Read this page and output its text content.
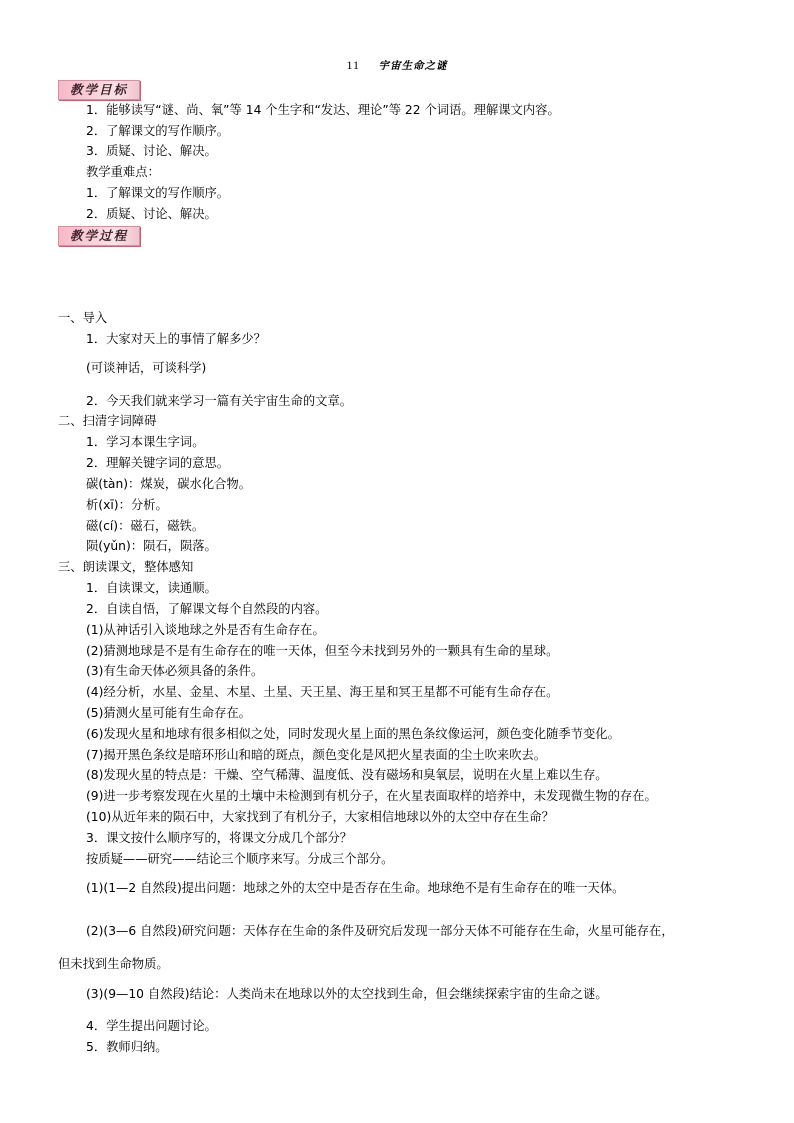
11 宇宙生命之谜
教学目标
1．能够读写“谜、尚、氧”等 14 个生字和“发达、理论”等 22 个词语。理解课文内容。
2．了解课文的写作顺序。
3．质疑、讨论、解决。
教学重难点：
1．了解课文的写作顺序。
2．质疑、讨论、解决。
教学过程
一、导入
1．大家对天上的事情了解多少？
(可谈神话，可谈科学)
2．今天我们就来学习一篇有关宇宙生命的文章。
二、扫清字词障碍
1．学习本课生字词。
2．理解关键字词的意思。
碳(tàn)：煤炭，碳水化合物。
析(xī)：分析。
磁(cí)：磁石，磁铁。
陨(yǔn)：陨石，陨落。
三、朗读课文，整体感知
1．自读课文，读通顺。
2．自读自悟，了解课文每个自然段的内容。
(1)从神话引入谈地球之外是否有生命存在。
(2)猜测地球是不是有生命存在的唯一天体，但至今未找到另外的一颗具有生命的星球。
(3)有生命天体必须具备的条件。
(4)经分析，水星、金星、木星、土星、天王星、海王星和冥王星都不可能有生命存在。
(5)猜测火星可能有生命存在。
(6)发现火星和地球有很多相似之处，同时发现火星上面的黑色条纹像运河，颜色变化随季节变化。
(7)揭开黑色条纹是暗环形山和暗的斑点，颜色变化是风把火星表面的尘土吹来吹去。
(8)发现火星的特点是：干燥、空气稀薄、温度低、没有磁场和臭氧层，说明在火星上难以生存。
(9)进一步考察发现在火星的土壤中未检测到有机分子，在火星表面取样的培养中，未发现微生物的存在。
(10)从近年来的陨石中，大家找到了有机分子，大家相信地球以外的太空中存在生命？
3．课文按什么顺序写的，将课文分成几个部分？
按质疑——研究——结论三个顺序来写。分成三个部分。
(1)(1—2 自然段)提出问题：地球之外的太空中是否存在生命。地球绝不是有生命存在的唯一天体。
(2)(3—6 自然段)研究问题：天体存在生命的条件及研究后发现一部分天体不可能存在生命，火星可能存在，
但未找到生命物质。
(3)(9—10 自然段)结论：人类尚未在地球以外的太空找到生命，但会继续探索宇宙的生命之谜。
4．学生提出问题讨论。
5．教师归纳。
